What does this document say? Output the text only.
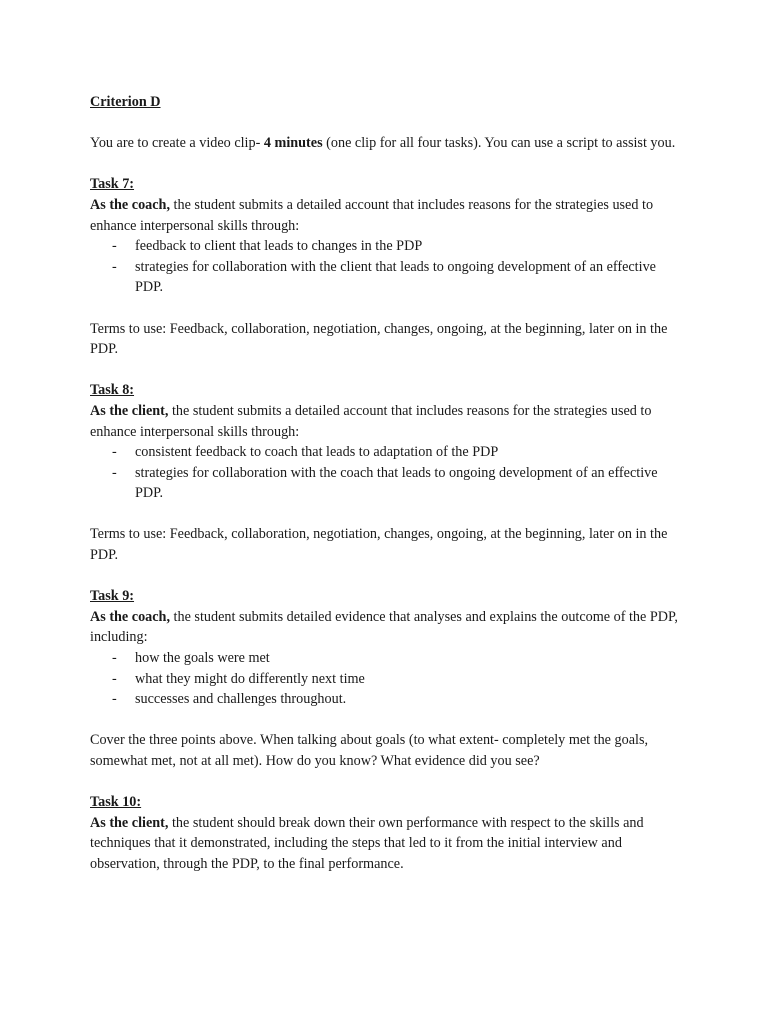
Criterion D

You are to create a video clip- 4 minutes (one clip for all four tasks). You can use a script to assist you.

Task 7:

As the coach, the student submits a detailed account that includes reasons for the strategies used to enhance interpersonal skills through:

- feedback to client that leads to changes in the PDP
- strategies for collaboration with the client that leads to ongoing development of an effective PDP.

Terms to use: Feedback, collaboration, negotiation, changes, ongoing, at the beginning, later on in the PDP.

Task 8:

As the client, the student submits a detailed account that includes reasons for the strategies used to enhance interpersonal skills through:

- consistent feedback to coach that leads to adaptation of the PDP
- strategies for collaboration with the coach that leads to ongoing development of an effective PDP.

Terms to use: Feedback, collaboration, negotiation, changes, ongoing, at the beginning, later on in the PDP.

Task 9:

As the coach, the student submits detailed evidence that analyses and explains the outcome of the PDP, including:

- how the goals were met
- what they might do differently next time
- successes and challenges throughout.

Cover the three points above. When talking about goals (to what extent- completely met the goals, somewhat met, not at all met). How do you know? What evidence did you see?

Task 10:

As the client, the student should break down their own performance with respect to the skills and techniques that it demonstrated, including the steps that led to it from the initial interview and observation, through the PDP, to the final performance.
